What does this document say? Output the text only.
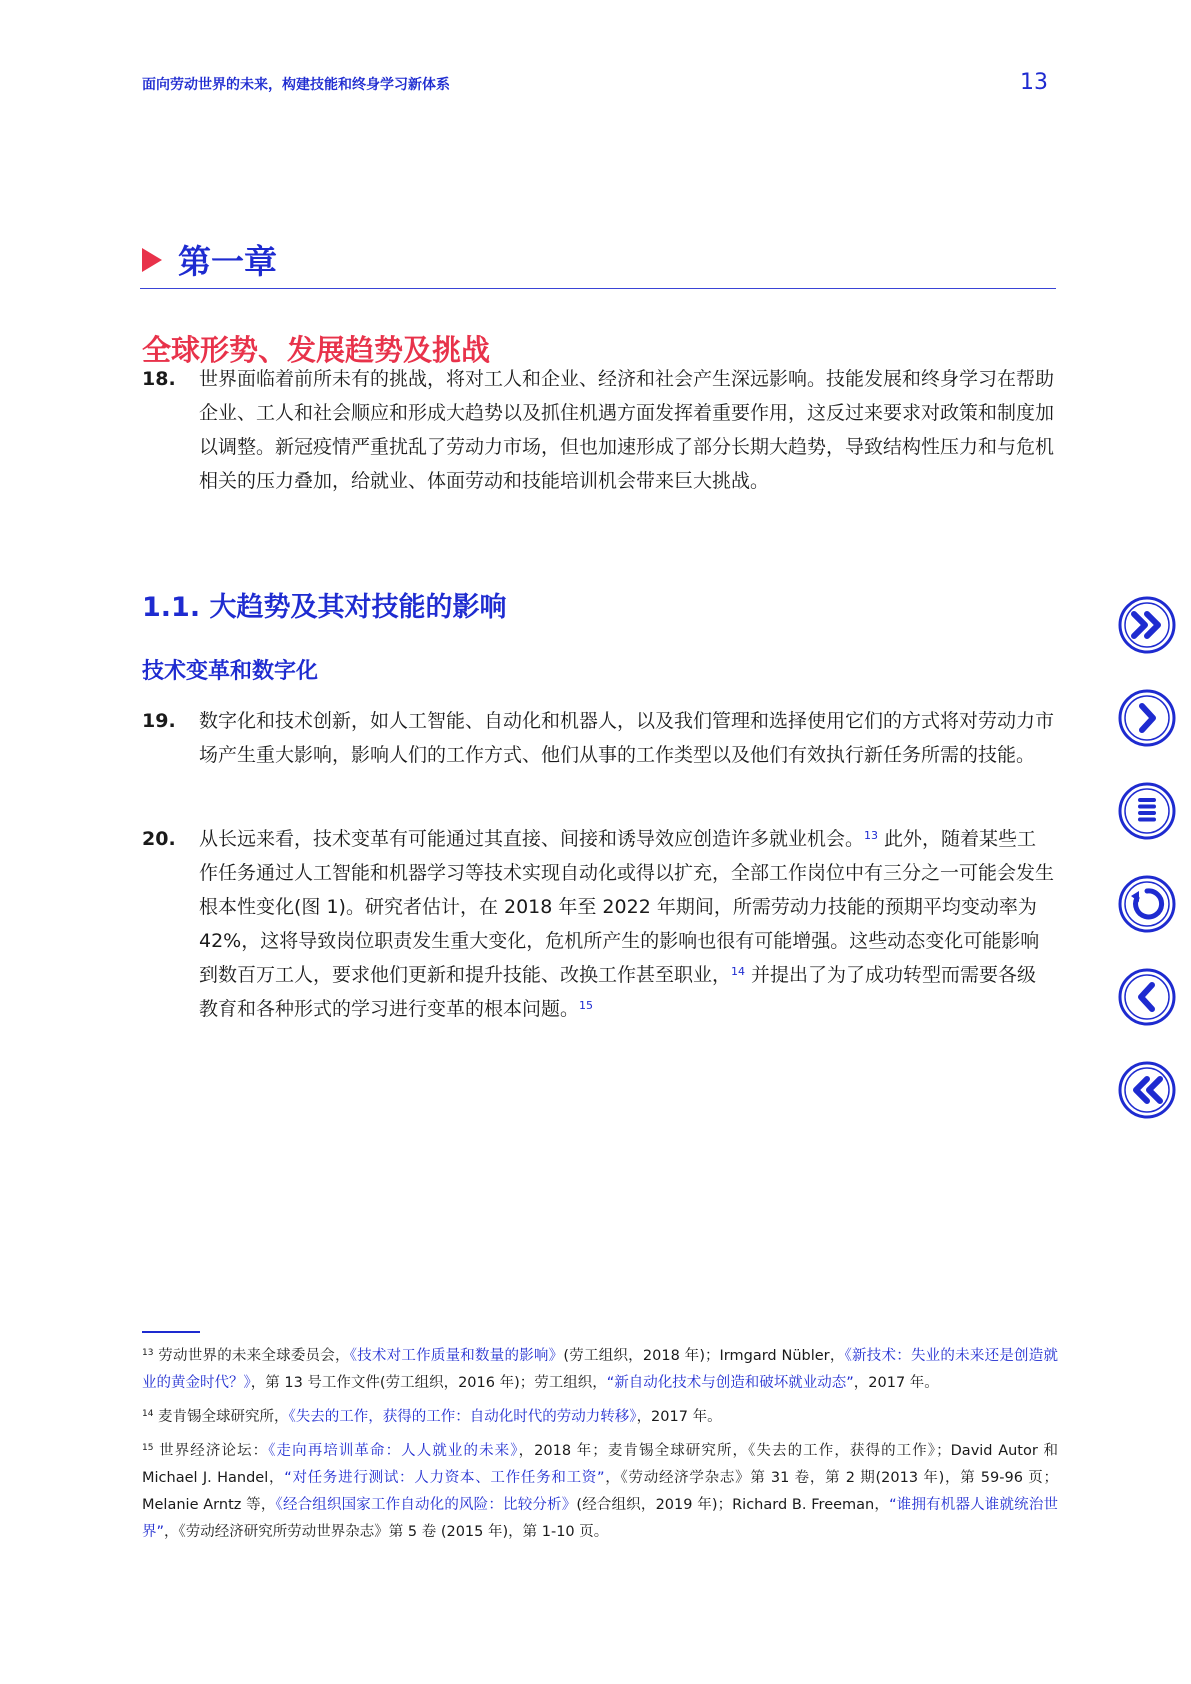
面向劳动世界的未来，构建技能和终身学习新体系	13
第一章
全球形势、发展趋势及挑战
18.	世界面临着前所未有的挑战，将对工人和企业、经济和社会产生深远影响。技能发展和终身学习在帮助企业、工人和社会顺应和形成大趋势以及抓住机遇方面发挥着重要作用，这反过来要求对政策和制度加以调整。新冠疫情严重扰乱了劳动力市场，但也加速形成了部分长期大趋势，导致结构性压力和与危机相关的压力叠加，给就业、体面劳动和技能培训机会带来巨大挑战。
1.1. 大趋势及其对技能的影响
技术变革和数字化
19.	数字化和技术创新，如人工智能、自动化和机器人，以及我们管理和选择使用它们的方式将对劳动力市场产生重大影响，影响人们的工作方式、他们从事的工作类型以及他们有效执行新任务所需的技能。
20.	从长远来看，技术变革有可能通过其直接、间接和诱导效应创造许多就业机会。$^{13}$ 此外，随着某些工作任务通过人工智能和机器学习等技术实现自动化或得以扩充，全部工作岗位中有三分之一可能会发生根本性变化(图 1)。研究者估计，在 2018 年至 2022 年期间，所需劳动力技能的预期平均变动率为 42%，这将导致岗位职责发生重大变化，危机所产生的影响也很有可能增强。这些动态变化可能影响到数百万工人，要求他们更新和提升技能、改换工作甚至职业，$^{14}$ 并提出了为了成功转型而需要各级教育和各种形式的学习进行变革的根本问题。$^{15}$
$^{13}$ 劳动世界的未来全球委员会，《技术对工作质量和数量的影响》(劳工组织，2018 年)；Irmgard Nübler，《新技术：失业的未来还是创造就业的黄金时代？》，第 13 号工作文件(劳工组织，2016 年)；劳工组织，“新自动化技术与创造和破坏就业动态”，2017 年。
$^{14}$ 麦肯锡全球研究所，《失去的工作，获得的工作：自动化时代的劳动力转移》，2017 年。
$^{15}$ 世界经济论坛：《走向再培训革命：人人就业的未来》，2018 年；麦肯锡全球研究所，《失去的工作，获得的工作》；David Autor 和 Michael J. Handel，“对任务进行测试：人力资本、工作任务和工资”，《劳动经济学杂志》第 31 卷，第 2 期(2013 年)，第 59-96 页；Melanie Arntz 等，《经合组织国家工作自动化的风险：比较分析》(经合组织，2019 年)；Richard B. Freeman，“谁拥有机器人谁就统治世界”，《劳动经济研究所劳动世界杂志》第 5 卷 (2015 年)，第 1-10 页。
